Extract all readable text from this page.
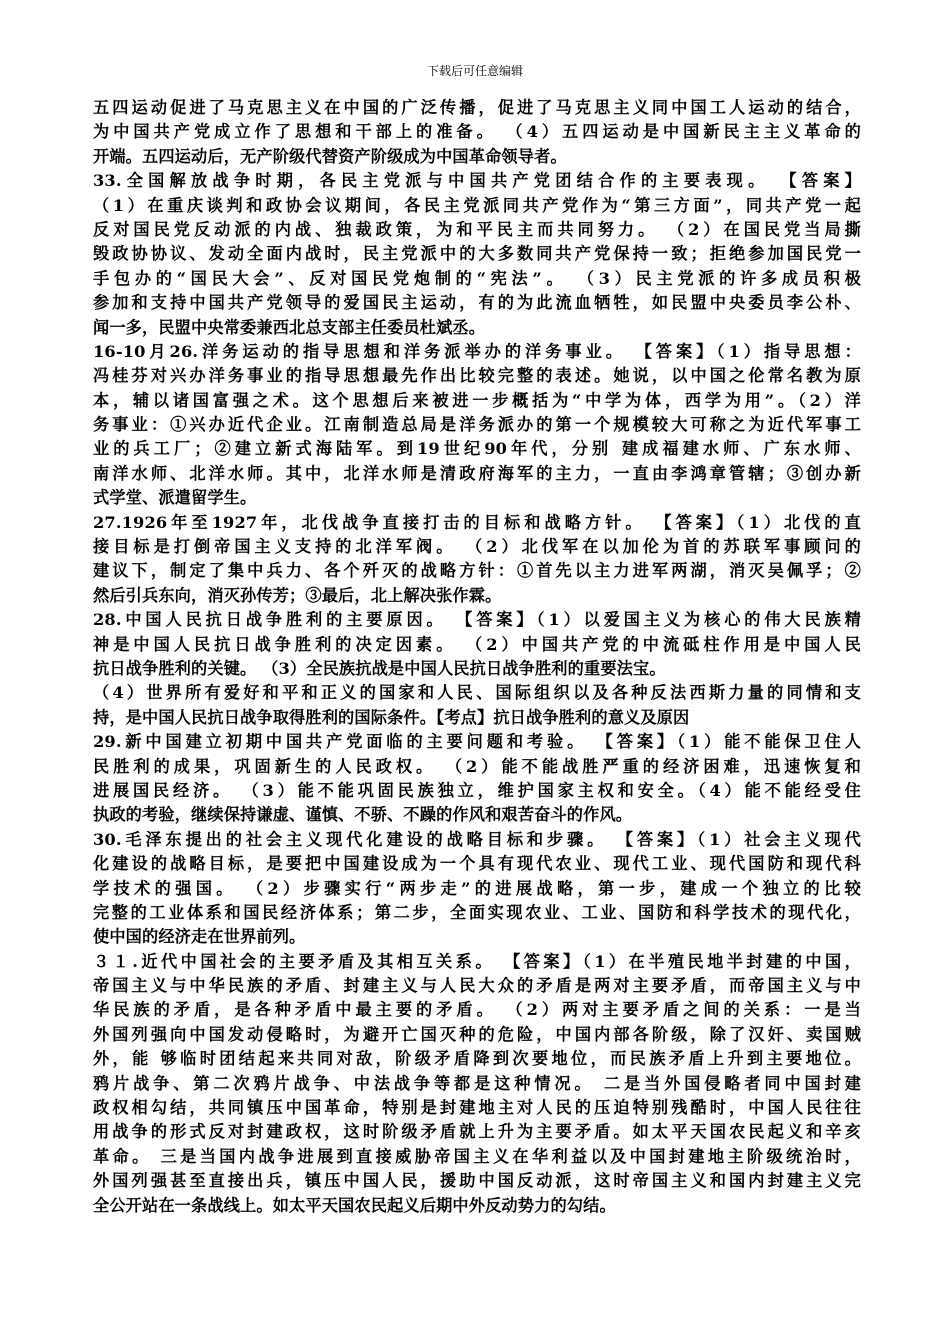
下载后可任意编辑
五四运动促进了马克思主义在中国的广泛传播，促进了马克思主义同中国工人运动的结合，
为中国共产党成立作了思想和干部上的准备。 （4）五四运动是中国新民主主义革命的
开端。五四运动后，无产阶级代替资产阶级成为中国革命领导者。
33.全国解放战争时期，各民主党派与中国共产党团结合作的主要表现。 【答案】
（1）在重庆谈判和政协会议期间，各民主党派同共产党作为“第三方面”，同共产党一起
反对国民党反动派的内战、独裁政策，为和平民主而共同努力。 （2）在国民党当局撕
毁政协协议、发动全面内战时，民主党派中的大多数同共产党保持一致；拒绝参加国民党一
手包办的“国民大会”、反对国民党炮制的“宪法”。 （3）民主党派的许多成员积极
参加和支持中国共产党领导的爱国民主运动，有的为此流血牺牲，如民盟中央委员李公朴、
闻一多，民盟中央常委兼西北总支部主任委员杜斌丞。
16-10月26.洋务运动的指导思想和洋务派举办的洋务事业。 【答案】（1）指导思想：
冯桂芬对兴办洋务事业的指导思想最先作出比较完整的表述。她说，以中国之伦常名教为原
本，辅以诸国富强之术。这个思想后来被进一步概括为“中学为体，西学为用”。（2）洋
务事业：①兴办近代企业。江南制造总局是洋务派办的第一个规模较大可称之为近代军事工
业的兵工厂；②建立新式海陆军。到19世纪90年代，分别 建成福建水师、广东水师、
南洋水师、北洋水师。其中，北洋水师是清政府海军的主力，一直由李鸿章管辖；③创办新
式学堂、派遣留学生。
27.1926年至1927年，北伐战争直接打击的目标和战略方针。 【答案】（1）北伐的直
接目标是打倒帝国主义支持的北洋军阀。 （2）北伐军在以加伦为首的苏联军事顾问的
建议下，制定了集中兵力、各个歼灭的战略方针：①首先以主力进军两湖，消灭吴佩孚；②
然后引兵东向，消灭孙传芳；③最后，北上解决张作霖。
28.中国人民抗日战争胜利的主要原因。 【答案】（1）以爱国主义为核心的伟大民族精
神是中国人民抗日战争胜利的决定因素。 （2）中国共产党的中流砥柱作用是中国人民
抗日战争胜利的关键。 （3）全民族抗战是中国人民抗日战争胜利的重要法宝。
（4）世界所有爱好和平和正义的国家和人民、国际组织以及各种反法西斯力量的同情和支
持，是中国人民抗日战争取得胜利的国际条件。【考点】抗日战争胜利的意义及原因
29.新中国建立初期中国共产党面临的主要问题和考验。 【答案】（1）能不能保卫住人
民胜利的成果，巩固新生的人民政权。 （2）能不能战胜严重的经济困难，迅速恢复和
进展国民经济。 （3）能不能巩固民族独立，维护国家主权和安全。（4）能不能经受住
执政的考验，继续保持谦虚、谨慎、不骄、不躁的作风和艰苦奋斗的作风。
30.毛泽东提出的社会主义现代化建设的战略目标和步骤。 【答案】（1）社会主义现代
化建设的战略目标，是要把中国建设成为一个具有现代农业、现代工业、现代国防和现代科
学技术的强国。 （2）步骤实行“两步走”的进展战略，第一步，建成一个独立的比较
完整的工业体系和国民经济体系；第二步，全面实现农业、工业、国防和科学技术的现代化，
使中国的经济走在世界前列。
３１.近代中国社会的主要矛盾及其相互关系。 【答案】（1）在半殖民地半封建的中国，
帝国主义与中华民族的矛盾、封建主义与人民大众的矛盾是两对主要矛盾，而帝国主义与中
华民族的矛盾，是各种矛盾中最主要的矛盾。 （2）两对主要矛盾之间的关系：一是当
外国列强向中国发动侵略时，为避开亡国灭种的危险，中国内部各阶级，除了汉奸、卖国贼
外，能 够临时团结起来共同对敌，阶级矛盾降到次要地位，而民族矛盾上升到主要地位。
鸦片战争、第二次鸦片战争、中法战争等都是这种情况。 二是当外国侵略者同中国封建
政权相勾结，共同镇压中国革命，特别是封建地主对人民的压迫特别残酷时，中国人民往往
用战争的形式反对封建政权，这时阶级矛盾就上升为主要矛盾。如太平天国农民起义和辛亥
革命。 三是当国内战争进展到直接威胁帝国主义在华利益以及中国封建地主阶级统治时，
外国列强甚至直接出兵，镇压中国人民，援助中国反动派，这时帝国主义和国内封建主义完
全公开站在一条战线上。如太平天国农民起义后期中外反动势力的勾结。
